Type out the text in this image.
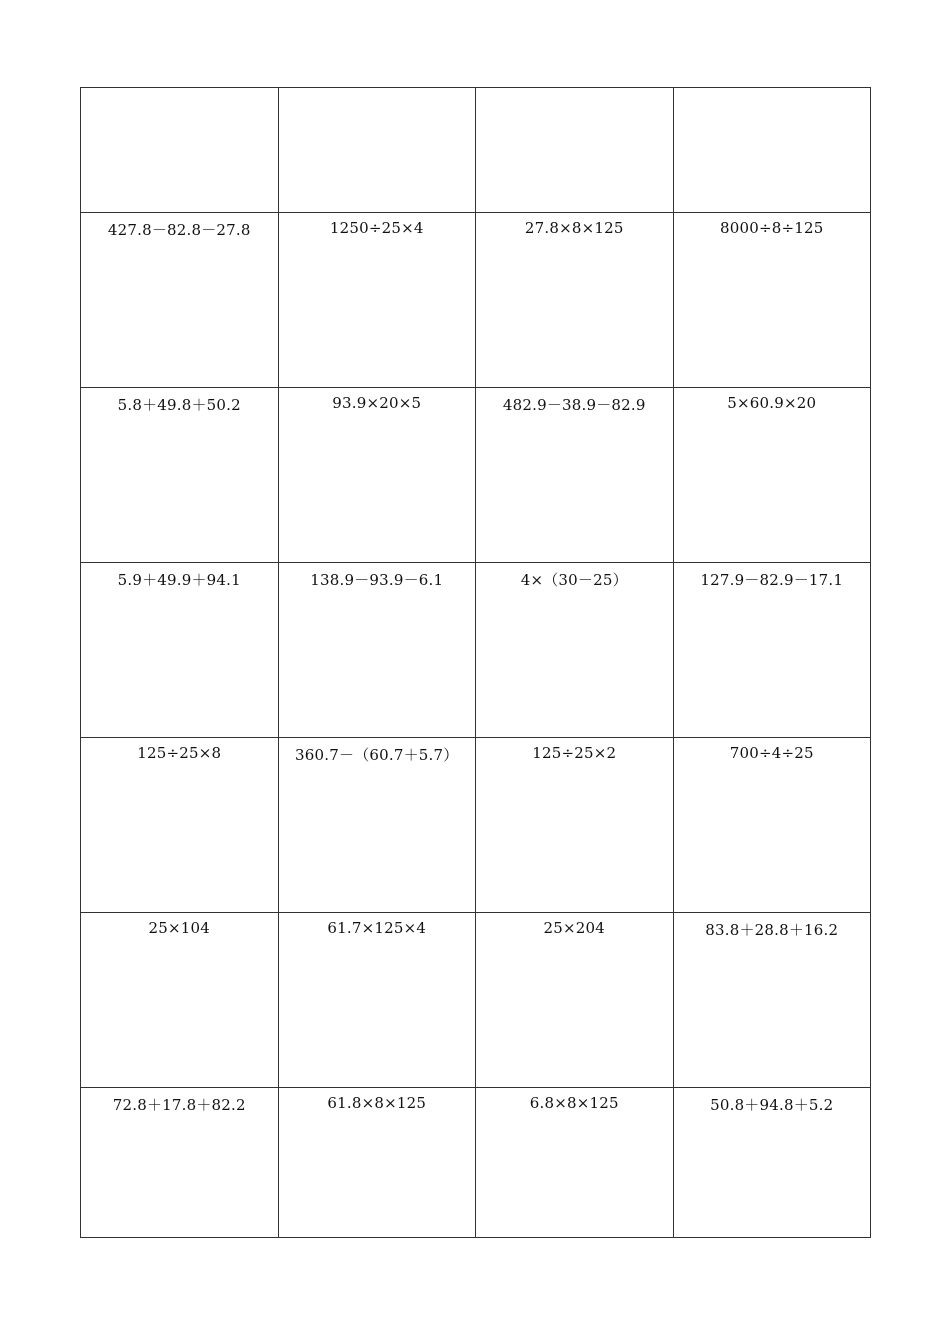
427.8－82.8－27.8	1250÷25×4	27.8×8×125	8000÷8÷125
5.8＋49.8＋50.2	93.9×20×5	482.9－38.9－82.9	5×60.9×20
5.9＋49.9＋94.1	138.9－93.9－6.1	4×（30－25）	127.9－82.9－17.1
125÷25×8	360.7－（60.7＋5.7）	125÷25×2	700÷4÷25
25×104	61.7×125×4	25×204	83.8＋28.8＋16.2
72.8＋17.8＋82.2	61.8×8×125	6.8×8×125	50.8＋94.8＋5.2
